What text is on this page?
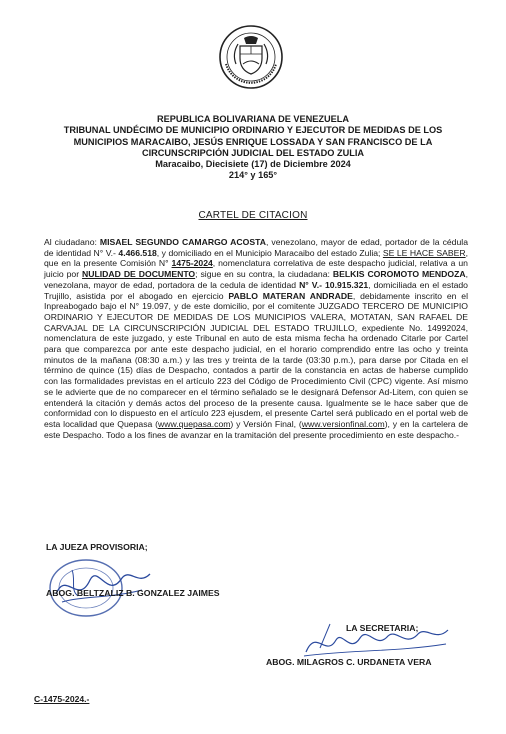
REPUBLICA BOLIVARIANA DE VENEZUELA
TRIBUNAL UNDÉCIMO DE MUNICIPIO ORDINARIO Y EJECUTOR DE MEDIDAS DE LOS
MUNICIPIOS MARACAIBO, JESÚS ENRIQUE LOSSADA Y SAN FRANCISCO DE LA
CIRCUNSCRIPCIÓN JUDICIAL DEL ESTADO ZULIA
Maracaibo, Diecisiete (17) de Diciembre 2024
214° y 165°
CARTEL DE CITACION
Al ciudadano: MISAEL SEGUNDO CAMARGO ACOSTA, venezolano, mayor de edad, portador de la cédula de identidad N° V.- 4.466.518, y domiciliado en el Municipio Maracaibo del estado Zulia; SE LE HACE SABER, que en la presente Comisión N° 1475-2024, nomenclatura correlativa de este despacho judicial, relativa a un juicio por NULIDAD DE DOCUMENTO; sigue en su contra, la ciudadana: BELKIS COROMOTO MENDOZA, venezolana, mayor de edad, portadora de la cedula de identidad N° V.- 10.915.321, domiciliada en el estado Trujillo, asistida por el abogado en ejercicio PABLO MATERAN ANDRADE, debidamente inscrito en el Inpreabogado bajo el N° 19.097, y de este domicilio, por el comitente JUZGADO TERCERO DE MUNICIPIO ORDINARIO Y EJECUTOR DE MEDIDAS DE LOS MUNICIPIOS VALERA, MOTATAN, SAN RAFAEL DE CARVAJAL DE LA CIRCUNSCRIPCIÓN JUDICIAL DEL ESTADO TRUJILLO, expediente No. 14992024, nomenclatura de este juzgado, y este Tribunal en auto de esta misma fecha ha ordenado Citarle por Cartel para que comparezca por ante este despacho judicial, en el horario comprendido entre las ocho y treinta minutos de la mañana (08:30 a.m.) y las tres y treinta de la tarde (03:30 p.m.), para darse por Citada en el término de quince (15) días de Despacho, contados a partir de la constancia en actas de haberse cumplido con las formalidades previstas en el artículo 223 del Código de Procedimiento Civil (CPC) vigente. Así mismo se le advierte que de no comparecer en el término señalado se le designará Defensor Ad-Litem, con quien se entenderá la citación y demás actos del proceso de la presente causa. Igualmente se le hace saber que de conformidad con lo dispuesto en el artículo 223 ejusdem, el presente Cartel será publicado en el portal web de esta localidad que Quepasa (www.quepasa.com) y Versión Final, (www.versionfinal.com), y en la cartelera de este Despacho. Todo a los fines de avanzar en la tramitación del presente procedimiento en este despacho.-
LA JUEZA PROVISORIA;
ABOG. BELTZALIZ B. GONZALEZ JAIMES
LA SECRETARIA;
ABOG. MILAGROS C. URDANETA VERA
C-1475-2024.-
